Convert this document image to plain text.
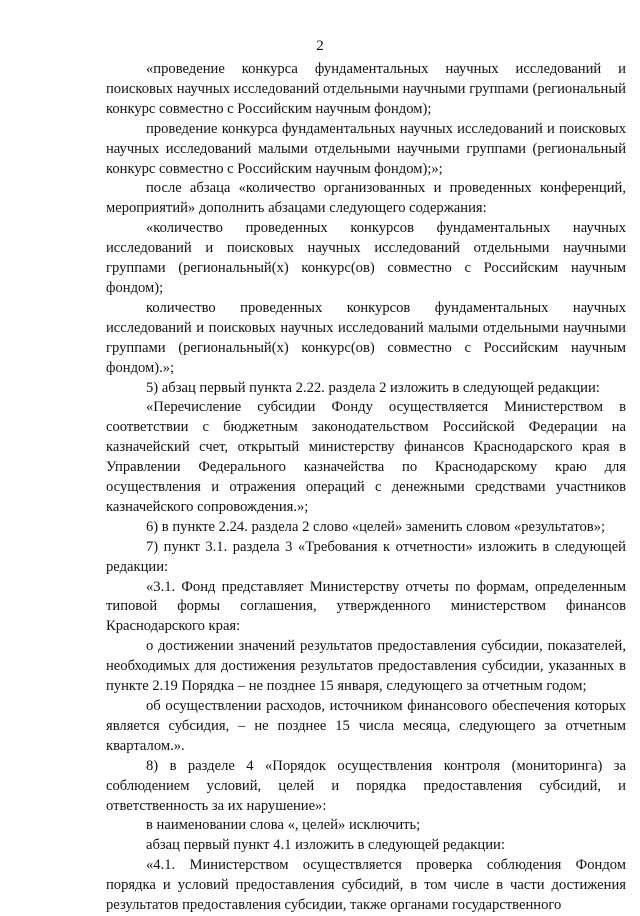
2

«проведение конкурса фундаментальных научных исследований и поисковых научных исследований отдельными научными группами (региональный конкурс совместно с Российским научным фондом);

проведение конкурса фундаментальных научных исследований и поисковых научных исследований малыми отдельными научными группами (региональный конкурс совместно с Российским научным фондом);»;

после абзаца «количество организованных и проведенных конференций, мероприятий» дополнить абзацами следующего содержания:

«количество проведенных конкурсов фундаментальных научных исследований и поисковых научных исследований отдельными научными группами (региональный(х) конкурс(ов) совместно с Российским научным фондом);

количество проведенных конкурсов фундаментальных научных исследований и поисковых научных исследований малыми отдельными научными группами (региональный(х) конкурс(ов) совместно с Российским научным фондом).»;

5) абзац первый пункта 2.22. раздела 2 изложить в следующей редакции:

«Перечисление субсидии Фонду осуществляется Министерством в соответствии с бюджетным законодательством Российской Федерации на казначейский счет, открытый министерству финансов Краснодарского края в Управлении Федерального казначейства по Краснодарскому краю для осуществления и отражения операций с денежными средствами участников казначейского сопровождения.»;

6) в пункте 2.24. раздела 2 слово «целей» заменить словом «результатов»;

7) пункт 3.1. раздела 3 «Требования к отчетности» изложить в следующей редакции:

«3.1. Фонд представляет Министерству отчеты по формам, определенным типовой формы соглашения, утвержденного министерством финансов Краснодарского края:

о достижении значений результатов предоставления субсидии, показателей, необходимых для достижения результатов предоставления субсидии, указанных в пункте 2.19 Порядка – не позднее 15 января, следующего за отчетным годом;

об осуществлении расходов, источником финансового обеспечения которых является субсидия, – не позднее 15 числа месяца, следующего за отчетным кварталом.».

8) в разделе 4 «Порядок осуществления контроля (мониторинга) за соблюдением условий, целей и порядка предоставления субсидий, и ответственность за их нарушение»:

в наименовании слова «, целей» исключить;

абзац первый пункт 4.1 изложить в следующей редакции:

«4.1. Министерством осуществляется проверка соблюдения Фондом порядка и условий предоставления субсидий, в том числе в части достижения результатов предоставления субсидии, также органами государственного
